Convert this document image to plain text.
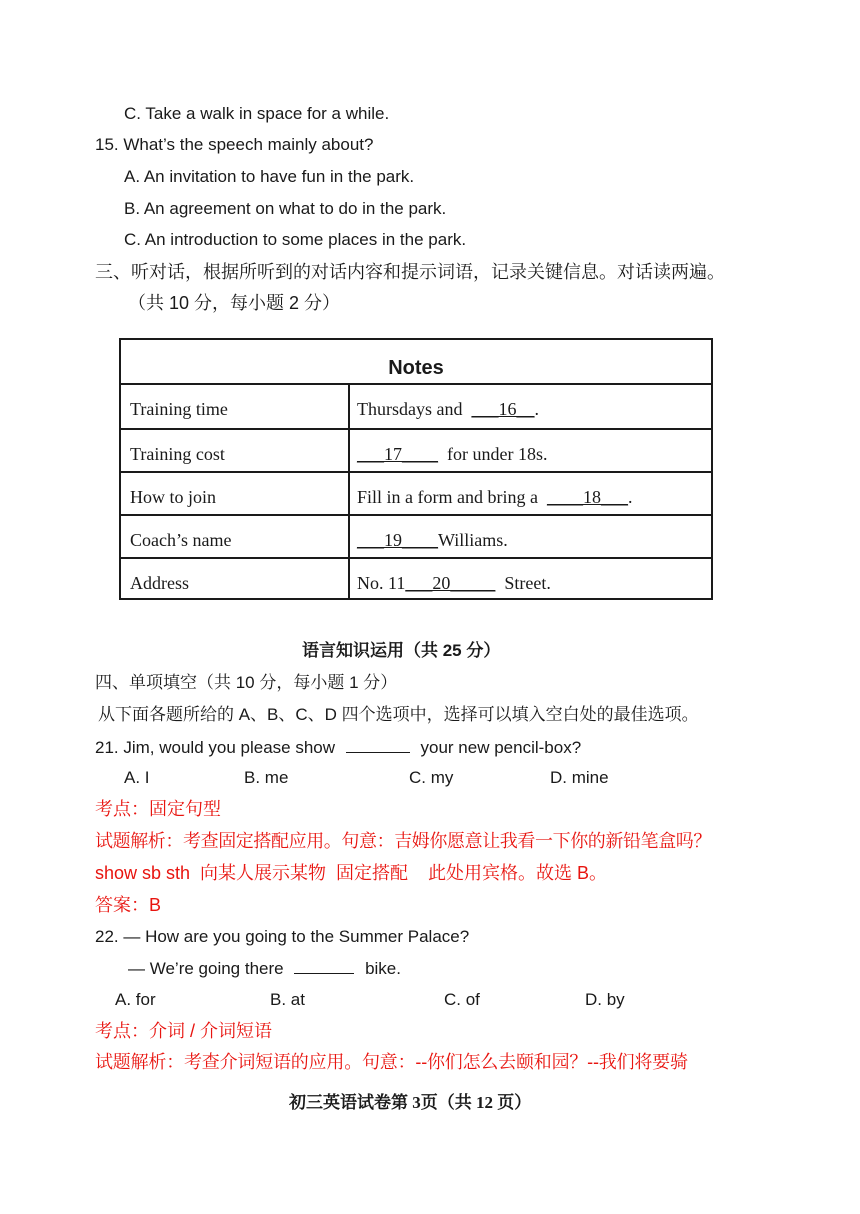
C. Take a walk in space for a while.
15. What’s the speech mainly about?
A. An invitation to have fun in the park.
B. An agreement on what to do in the park.
C. An introduction to some places in the park.
三、听对话，根据所听到的对话内容和提示词语，记录关键信息。对话读两遍。
（共 10 分，每小题 2 分）
Notes
Training time	Thursdays and  ___16__.
Training cost	___17____  for under 18s.
How to join	Fill in a form and bring a  ____18___.
Coach’s name	___19____Williams.
Address	No. 11___20_____  Street.
语言知识运用（共 25 分）
四、单项填空（共 10 分，每小题 1 分）
从下面各题所给的 A、B、C、D 四个选项中，选择可以填入空白处的最佳选项。
21. Jim, would you please show	your new pencil-box?
A. I	B. me	C. my	D. mine
考点：固定句型
试题解析：考查固定搭配应用。句意：吉姆你愿意让我看一下你的新铅笔盒吗？
show sb sth  向某人展示某物  固定搭配    此处用宾格。故选 B。
答案：B
22. — How are you going to the Summer Palace?
— We’re going there	bike.
A. for	B. at	C. of	D. by
考点：介词 / 介词短语
试题解析：考查介词短语的应用。句意：--你们怎么去颐和园？--我们将要骑
初三英语试卷第 3页（共 12 页）
